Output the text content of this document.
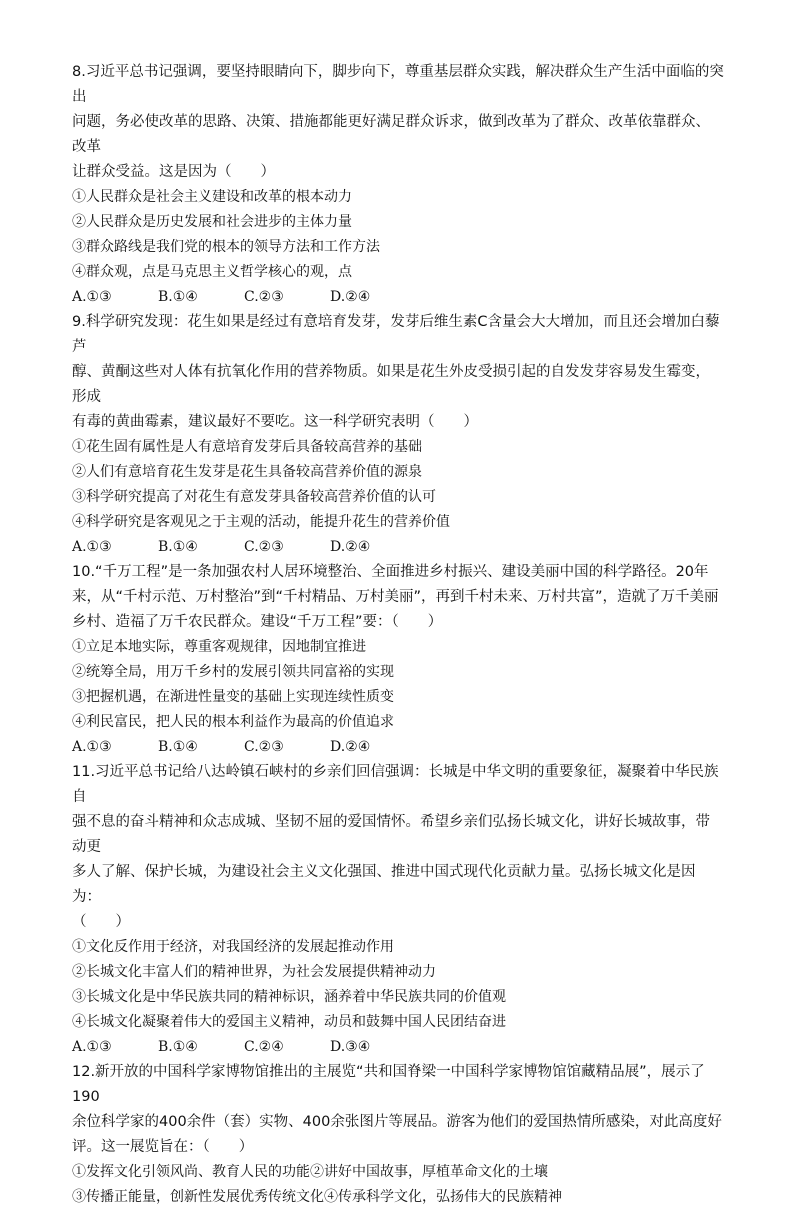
8.习近平总书记强调，要坚持眼睛向下，脚步向下，尊重基层群众实践，解决群众生产生活中面临的突出
问题，务必使改革的思路、决策、措施都能更好满足群众诉求，做到改革为了群众、改革依靠群众、改革
让群众受益。这是因为（　　）
①人民群众是社会主义建设和改革的根本动力
②人民群众是历史发展和社会进步的主体力量
③群众路线是我们党的根本的领导方法和工作方法
④群众观，点是马克思主义哲学核心的观，点
A.①③	B.①④	C.②③	D.②④
9.科学研究发现：花生如果是经过有意培育发芽，发芽后维生素C含量会大大增加，而且还会增加白藜芦
醇、黄酮这些对人体有抗氧化作用的营养物质。如果是花生外皮受损引起的自发发芽容易发生霉变，形成
有毒的黄曲霉素，建议最好不要吃。这一科学研究表明（　　）
①花生固有属性是人有意培育发芽后具备较高营养的基础
②人们有意培育花生发芽是花生具备较高营养价值的源泉
③科学研究提高了对花生有意发芽具备较高营养价值的认可
④科学研究是客观见之于主观的活动，能提升花生的营养价值
A.①③	B.①④	C.②③	D.②④
10.“千万工程”是一条加强农村人居环境整治、全面推进乡村振兴、建设美丽中国的科学路径。20年
来，从“千村示范、万村整治”到“千村精品、万村美丽”，再到千村未来、万村共富”，造就了万千美丽
乡村、造福了万千农民群众。建设“千万工程”要：（　　）
①立足本地实际，尊重客观规律，因地制宜推进
②统筹全局，用万千乡村的发展引领共同富裕的实现
③把握机遇，在渐进性量变的基础上实现连续性质变
④利民富民，把人民的根本利益作为最高的价值追求
A.①③	B.①④	C.②③	D.②④
11.习近平总书记给八达岭镇石峡村的乡亲们回信强调：长城是中华文明的重要象征，凝聚着中华民族自
强不息的奋斗精神和众志成城、坚韧不屈的爱国情怀。希望乡亲们弘扬长城文化，讲好长城故事，带动更
多人了解、保护长城，为建设社会主义文化强国、推进中国式现代化贡献力量。弘扬长城文化是因为：
（　　）
①文化反作用于经济，对我国经济的发展起推动作用
②长城文化丰富人们的精神世界，为社会发展提供精神动力
③长城文化是中华民族共同的精神标识，涵养着中华民族共同的价值观
④长城文化凝聚着伟大的爱国主义精神，动员和鼓舞中国人民团结奋进
A.①③	B.①④	C.②④	D.③④
12.新开放的中国科学家博物馆推出的主展览“共和国脊梁一中国科学家博物馆馆藏精品展”，展示了190
余位科学家的400余件（套）实物、400余张图片等展品。游客为他们的爱国热情所感染，对此高度好
评。这一展览旨在：（　　）
①发挥文化引领风尚、教育人民的功能②讲好中国故事，厚植革命文化的土壤
③传播正能量，创新性发展优秀传统文化④传承科学文化，弘扬伟大的民族精神
